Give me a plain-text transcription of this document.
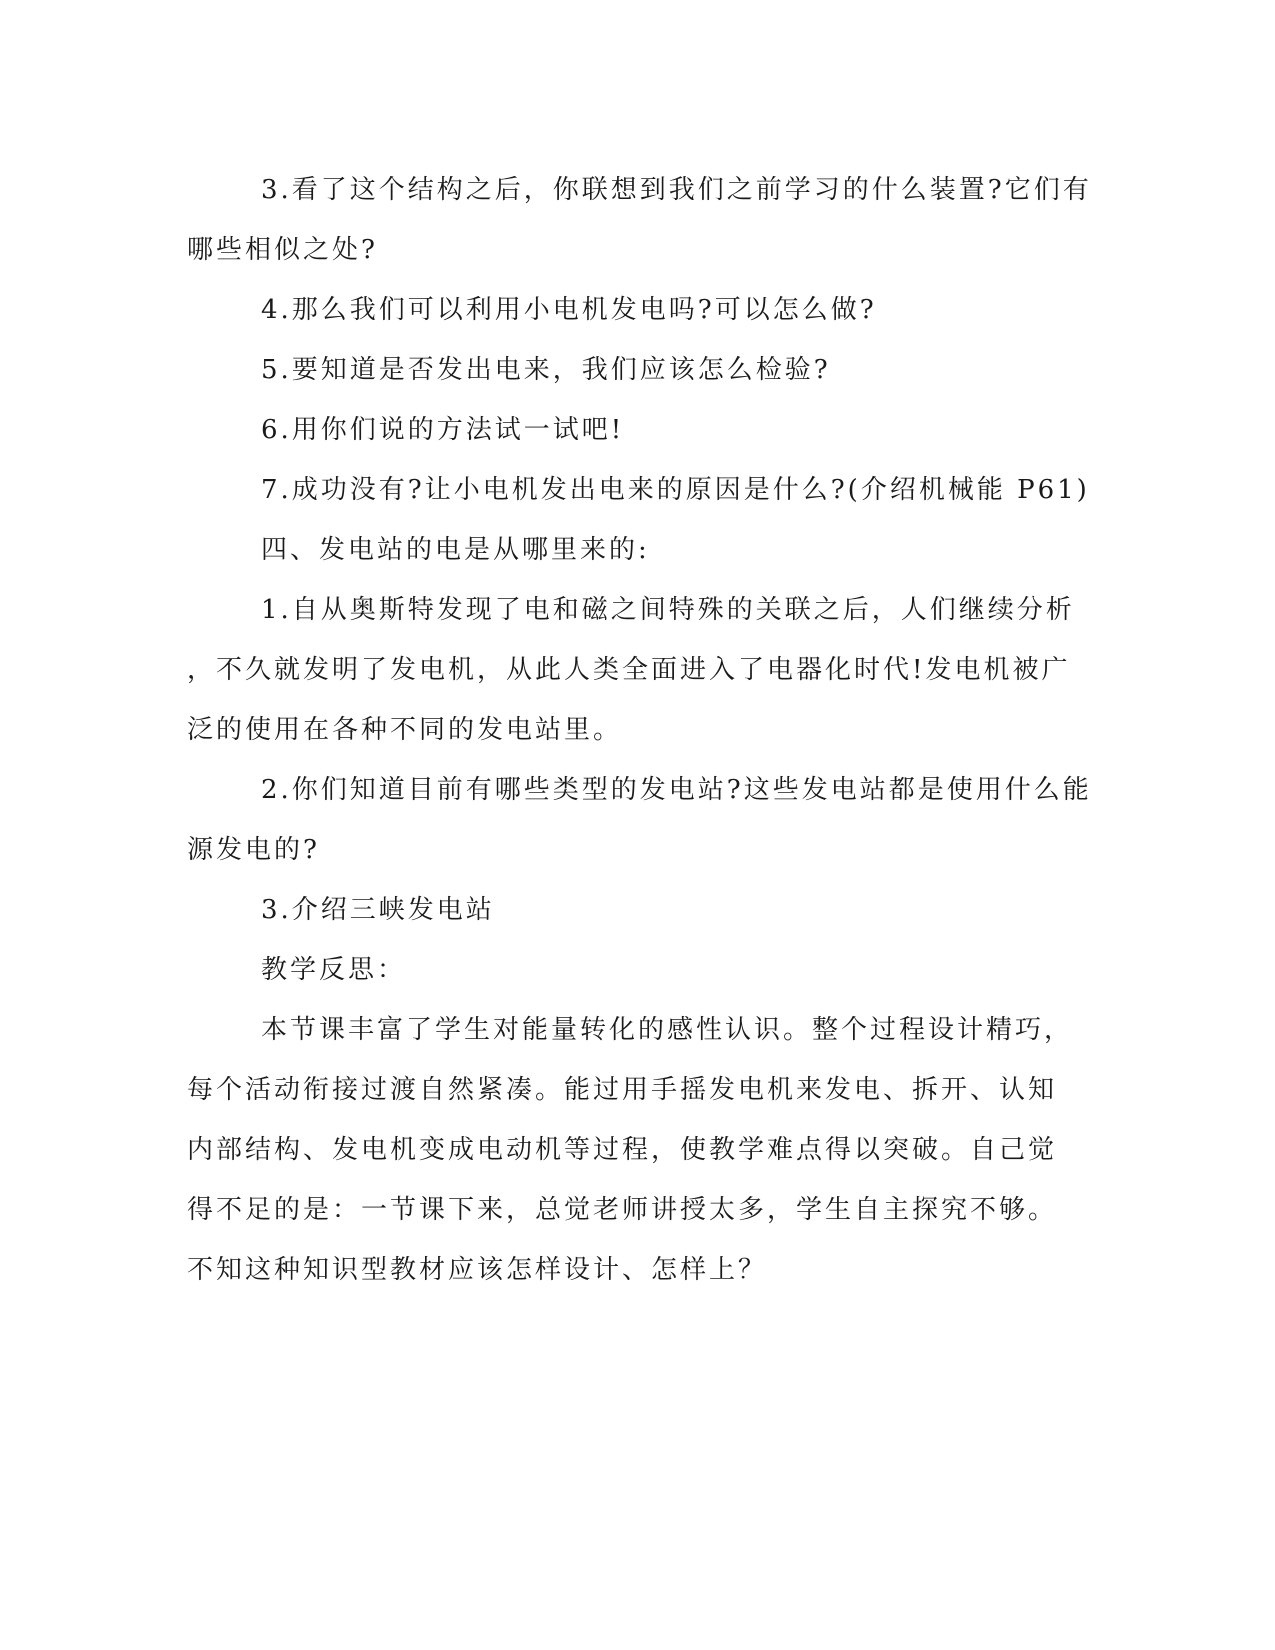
3.看了这个结构之后，你联想到我们之前学习的什么装置?它们有
哪些相似之处?
4.那么我们可以利用小电机发电吗?可以怎么做?
5.要知道是否发出电来，我们应该怎么检验?
6.用你们说的方法试一试吧!
7.成功没有?让小电机发出电来的原因是什么?(介绍机械能 P61)
四、发电站的电是从哪里来的:
1.自从奥斯特发现了电和磁之间特殊的关联之后，人们继续分析
，不久就发明了发电机，从此人类全面进入了电器化时代!发电机被广
泛的使用在各种不同的发电站里。
2.你们知道目前有哪些类型的发电站?这些发电站都是使用什么能
源发电的?
3.介绍三峡发电站
教学反思：
本节课丰富了学生对能量转化的感性认识。整个过程设计精巧，
每个活动衔接过渡自然紧凑。能过用手摇发电机来发电、拆开、认知
内部结构、发电机变成电动机等过程，使教学难点得以突破。自己觉
得不足的是：一节课下来，总觉老师讲授太多，学生自主探究不够。
不知这种知识型教材应该怎样设计、怎样上？
